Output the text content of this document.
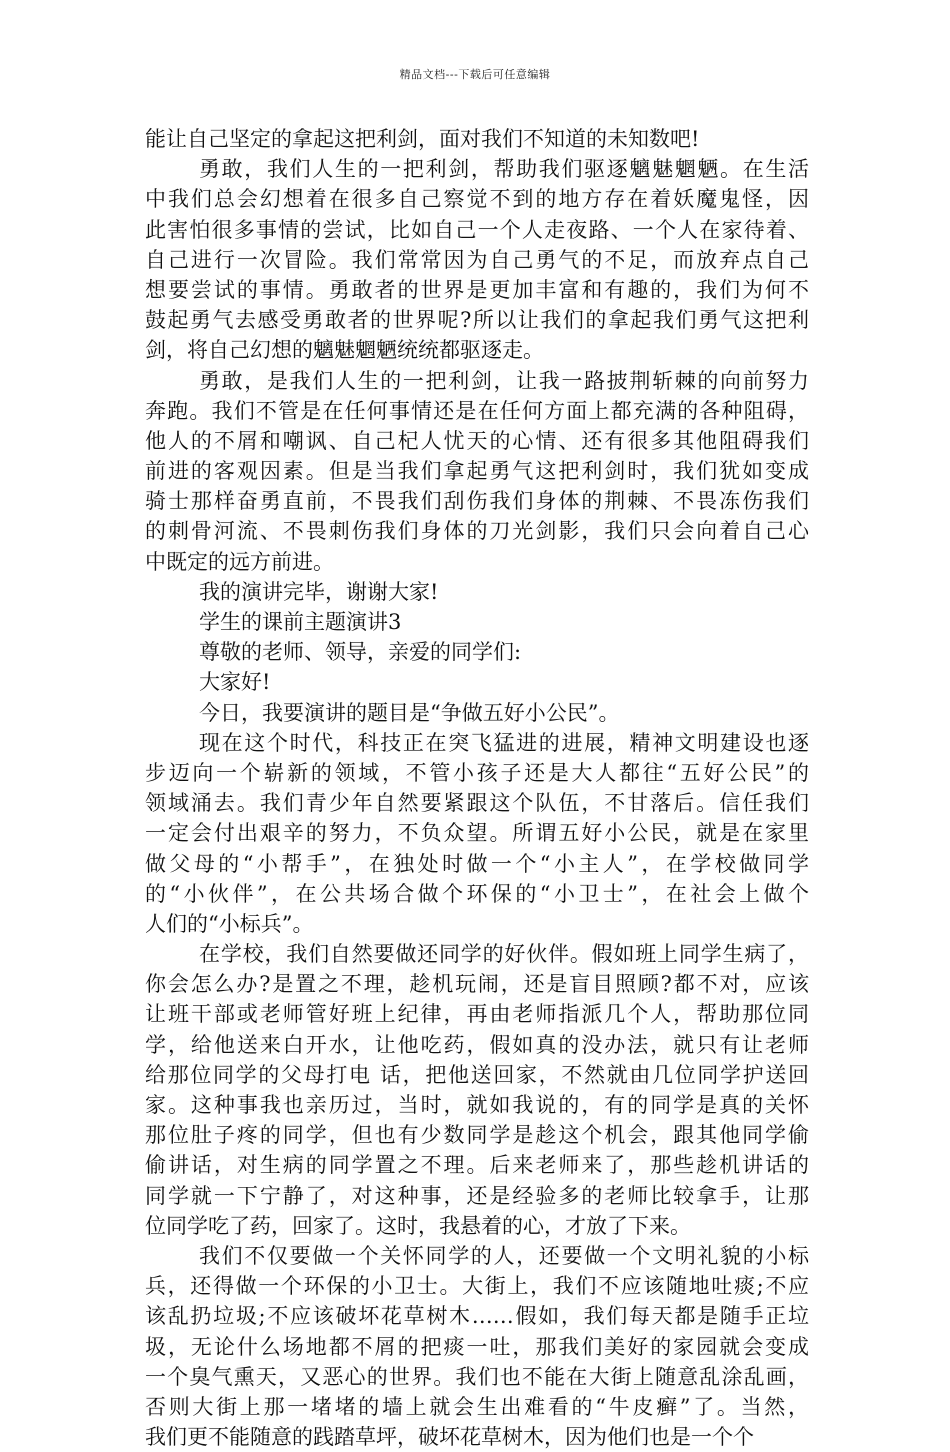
精品文档---下载后可任意编辑
能让自己坚定的拿起这把利剑，面对我们不知道的未知数吧!
勇敢，我们人生的一把利剑，帮助我们驱逐魑魅魍魉。在生活
中我们总会幻想着在很多自己察觉不到的地方存在着妖魔鬼怪，因
此害怕很多事情的尝试，比如自己一个人走夜路、一个人在家待着、
自己进行一次冒险。我们常常因为自己勇气的不足，而放弃点自己
想要尝试的事情。勇敢者的世界是更加丰富和有趣的，我们为何不
鼓起勇气去感受勇敢者的世界呢?所以让我们的拿起我们勇气这把利
剑，将自己幻想的魑魅魍魉统统都驱逐走。
勇敢，是我们人生的一把利剑，让我一路披荆斩棘的向前努力
奔跑。我们不管是在任何事情还是在任何方面上都充满的各种阻碍，
他人的不屑和嘲讽、自己杞人忧天的心情、还有很多其他阻碍我们
前进的客观因素。但是当我们拿起勇气这把利剑时，我们犹如变成
骑士那样奋勇直前，不畏我们刮伤我们身体的荆棘、不畏冻伤我们
的刺骨河流、不畏刺伤我们身体的刀光剑影，我们只会向着自己心
中既定的远方前进。
我的演讲完毕，谢谢大家!
学生的课前主题演讲3
尊敬的老师、领导，亲爱的同学们:
大家好!
今日，我要演讲的题目是“争做五好小公民”。
现在这个时代，科技正在突飞猛进的进展，精神文明建设也逐
步迈向一个崭新的领域，不管小孩子还是大人都往“五好公民”的
领域涌去。我们青少年自然要紧跟这个队伍，不甘落后。信任我们
一定会付出艰辛的努力，不负众望。所谓五好小公民，就是在家里
做父母的“小帮手”，在独处时做一个“小主人”，在学校做同学
的“小伙伴”，在公共场合做个环保的“小卫士”，在社会上做个
人们的“小标兵”。
在学校，我们自然要做还同学的好伙伴。假如班上同学生病了，
你会怎么办?是置之不理，趁机玩闹，还是盲目照顾?都不对，应该
让班干部或老师管好班上纪律，再由老师指派几个人，帮助那位同
学，给他送来白开水，让他吃药，假如真的没办法，就只有让老师
给那位同学的父母打电 话，把他送回家，不然就由几位同学护送回
家。这种事我也亲历过，当时，就如我说的，有的同学是真的关怀
那位肚子疼的同学，但也有少数同学是趁这个机会，跟其他同学偷
偷讲话，对生病的同学置之不理。后来老师来了，那些趁机讲话的
同学就一下宁静了，对这种事，还是经验多的老师比较拿手，让那
位同学吃了药，回家了。这时，我悬着的心，才放了下来。
我们不仅要做一个关怀同学的人，还要做一个文明礼貌的小标
兵，还得做一个环保的小卫士。大街上，我们不应该随地吐痰;不应
该乱扔垃圾;不应该破坏花草树木……假如，我们每天都是随手正垃
圾，无论什么场地都不屑的把痰一吐，那我们美好的家园就会变成
一个臭气熏天，又恶心的世界。我们也不能在大街上随意乱涂乱画，
否则大街上那一堵堵的墙上就会生出难看的“牛皮癣”了。当然，
我们更不能随意的践踏草坪，破坏花草树木，因为他们也是一个个
